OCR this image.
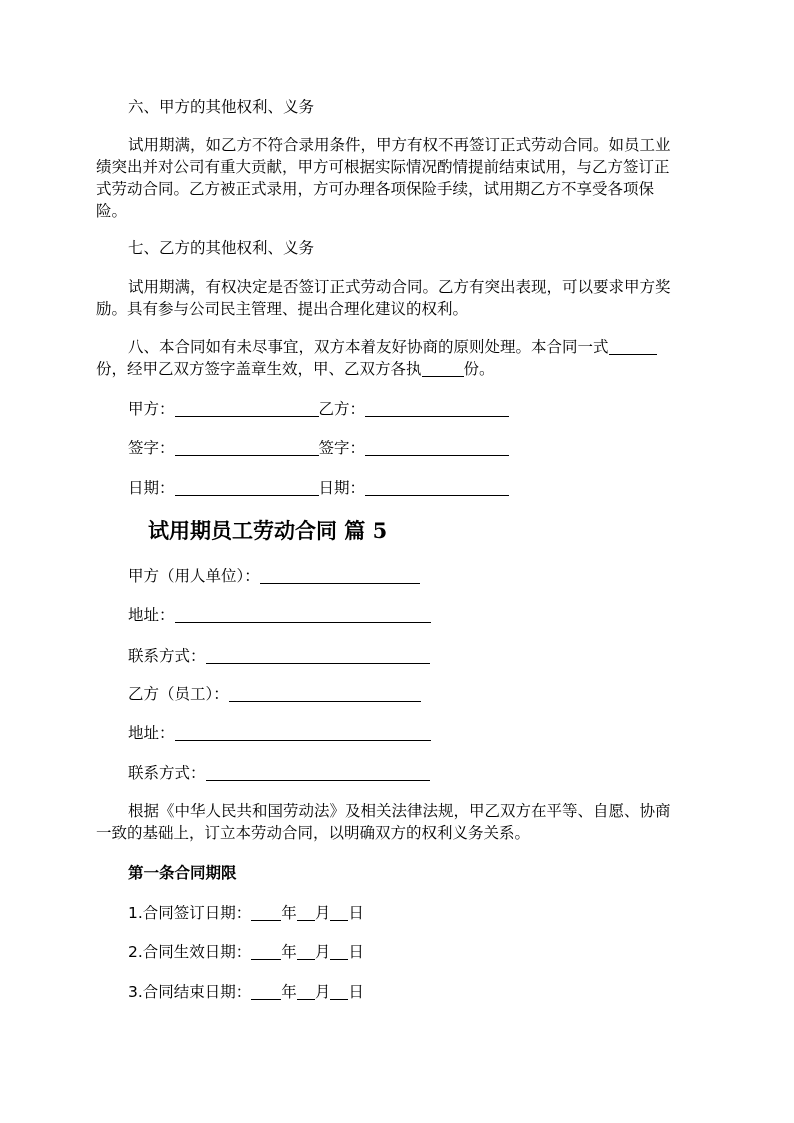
六、甲方的其他权利、义务
试用期满，如乙方不符合录用条件，甲方有权不再签订正式劳动合同。如员工业
绩突出并对公司有重大贡献，甲方可根据实际情况酌情提前结束试用，与乙方签订正
式劳动合同。乙方被正式录用，方可办理各项保险手续，试用期乙方不享受各项保
险。
七、乙方的其他权利、义务
试用期满，有权决定是否签订正式劳动合同。乙方有突出表现，可以要求甲方奖
励。具有参与公司民主管理、提出合理化建议的权利。
八、本合同如有未尽事宜，双方本着友好协商的原则处理。本合同一式
份，经甲乙双方签字盖章生效，甲、乙双方各执	份。
甲方：	乙方：
签字：	签字：
日期：	日期：
试用期员工劳动合同 篇 5
甲方（用人单位）：
地址：
联系方式：
乙方（员工）：
地址：
联系方式：
根据《中华人民共和国劳动法》及相关法律法规，甲乙双方在平等、自愿、协商
一致的基础上，订立本劳动合同，以明确双方的权利义务关系。
第一条合同期限
1.合同签订日期： 年 月 日
2.合同生效日期： 年 月 日
3.合同结束日期： 年 月 日
